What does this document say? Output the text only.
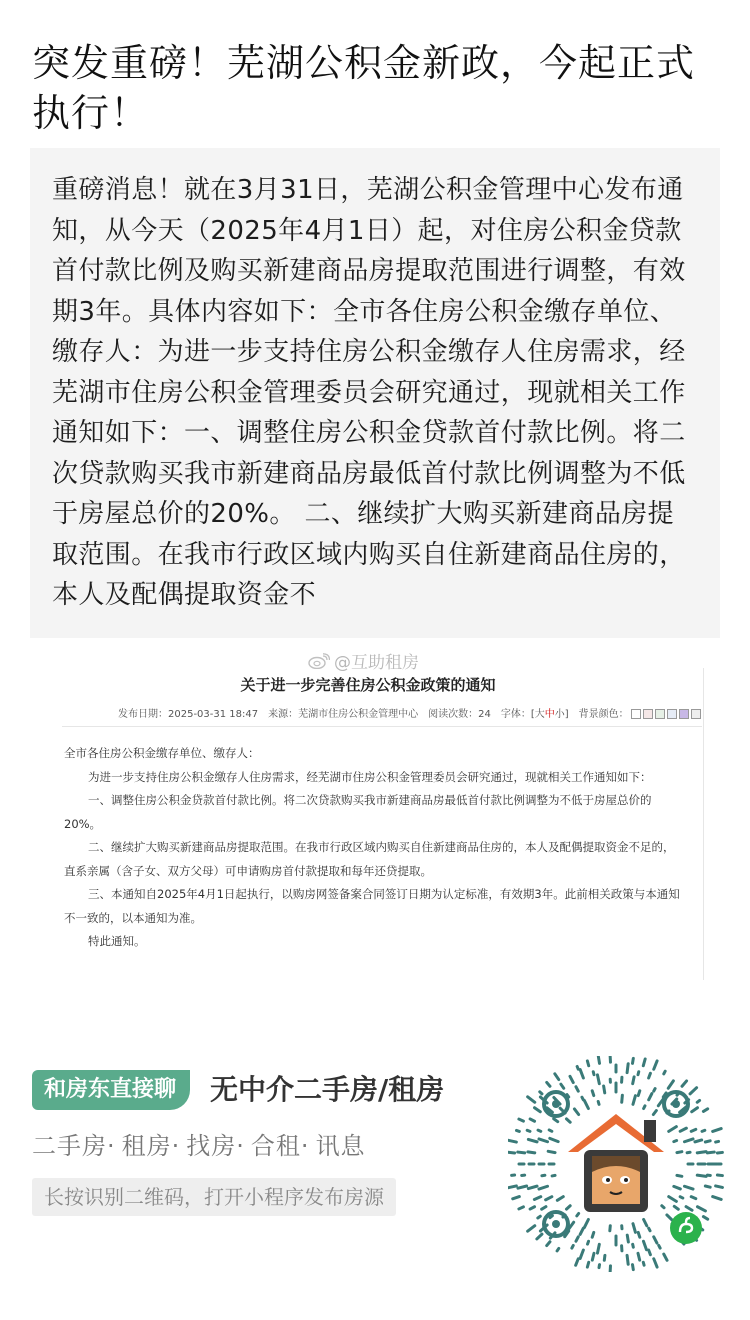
突发重磅！芜湖公积金新政，今起正式执行！
重磅消息！就在3月31日，芜湖公积金管理中心发布通知，从今天（2025年4月1日）起，对住房公积金贷款首付款比例及购买新建商品房提取范围进行调整，有效期3年。具体内容如下：全市各住房公积金缴存单位、缴存人：为进一步支持住房公积金缴存人住房需求，经芜湖市住房公积金管理委员会研究通过，现就相关工作通知如下：一、调整住房公积金贷款首付款比例。将二次贷款购买我市新建商品房最低首付款比例调整为不低于房屋总价的20%。 二、继续扩大购买新建商品房提取范围。在我市行政区域内购买自住新建商品住房的，本人及配偶提取资金不
@互助租房
关于进一步完善住房公积金政策的通知
发布日期：2025-03-31 18:47 来源：芜湖市住房公积金管理中心 阅读次数：24 字体：[大中小] 背景颜色：

全市各住房公积金缴存单位、缴存人：

为进一步支持住房公积金缴存人住房需求，经芜湖市住房公积金管理委员会研究通过，现就相关工作通知如下：

一、调整住房公积金贷款首付款比例。将二次贷款购买我市新建商品房最低首付款比例调整为不低于房屋总价的20%。

二、继续扩大购买新建商品房提取范围。在我市行政区域内购买自住新建商品住房的，本人及配偶提取资金不足的，直系亲属（含子女、双方父母）可申请购房首付款提取和每年还贷提取。

三、本通知自2025年4月1日起执行，以购房网签备案合同签订日期为认定标准，有效期3年。此前相关政策与本通知不一致的，以本通知为准。

特此通知。

和房东直接聊	无中介二手房/租房
二手房· 租房· 找房· 合租· 讯息
长按识别二维码，打开小程序发布房源
